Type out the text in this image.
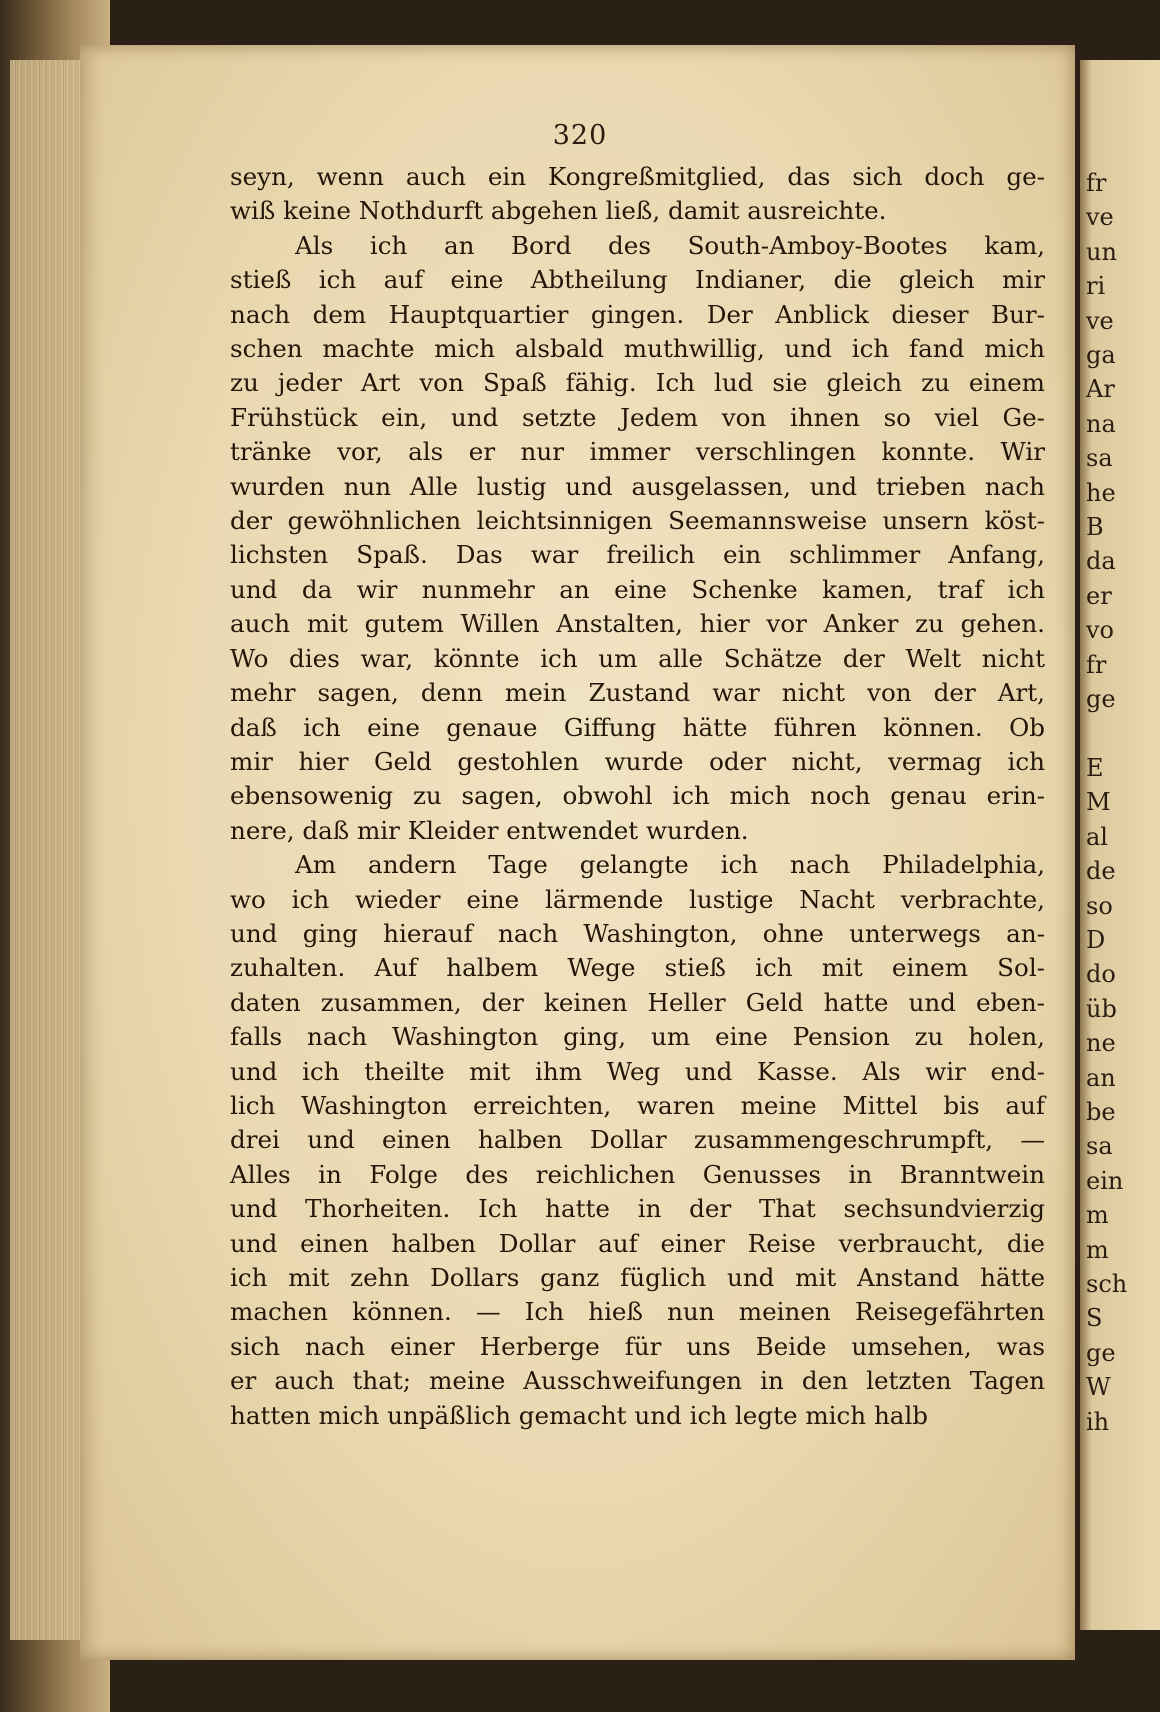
fr
ve
un
ri
ve
ga
Ar
na
sa
he
B
da
er
vo
fr
ge

E
M
al
de
so
D
do
üb
ne
an
be
sa
ein
m
m
sch
S
ge
W
ih
320
seyn, wenn auch ein Kongreßmitglied, das sich doch ge-
wiß keine Nothdurft abgehen ließ, damit ausreichte.
Als ich an Bord des South-Amboy-Bootes kam,
stieß ich auf eine Abtheilung Indianer, die gleich mir
nach dem Hauptquartier gingen. Der Anblick dieser Bur-
schen machte mich alsbald muthwillig, und ich fand mich
zu jeder Art von Spaß fähig. Ich lud sie gleich zu einem
Frühstück ein, und setzte Jedem von ihnen so viel Ge-
tränke vor, als er nur immer verschlingen konnte. Wir
wurden nun Alle lustig und ausgelassen, und trieben nach
der gewöhnlichen leichtsinnigen Seemannsweise unsern köst-
lichsten Spaß. Das war freilich ein schlimmer Anfang,
und da wir nunmehr an eine Schenke kamen, traf ich
auch mit gutem Willen Anstalten, hier vor Anker zu gehen.
Wo dies war, könnte ich um alle Schätze der Welt nicht
mehr sagen, denn mein Zustand war nicht von der Art,
daß ich eine genaue Giffung hätte führen können. Ob
mir hier Geld gestohlen wurde oder nicht, vermag ich
ebensowenig zu sagen, obwohl ich mich noch genau erin-
nere, daß mir Kleider entwendet wurden.
Am andern Tage gelangte ich nach Philadelphia,
wo ich wieder eine lärmende lustige Nacht verbrachte,
und ging hierauf nach Washington, ohne unterwegs an-
zuhalten. Auf halbem Wege stieß ich mit einem Sol-
daten zusammen, der keinen Heller Geld hatte und eben-
falls nach Washington ging, um eine Pension zu holen,
und ich theilte mit ihm Weg und Kasse. Als wir end-
lich Washington erreichten, waren meine Mittel bis auf
drei und einen halben Dollar zusammengeschrumpft, —
Alles in Folge des reichlichen Genusses in Branntwein
und Thorheiten. Ich hatte in der That sechsundvierzig
und einen halben Dollar auf einer Reise verbraucht, die
ich mit zehn Dollars ganz füglich und mit Anstand hätte
machen können. — Ich hieß nun meinen Reisegefährten
sich nach einer Herberge für uns Beide umsehen, was
er auch that; meine Ausschweifungen in den letzten Tagen
hatten mich unpäßlich gemacht und ich legte mich halb
